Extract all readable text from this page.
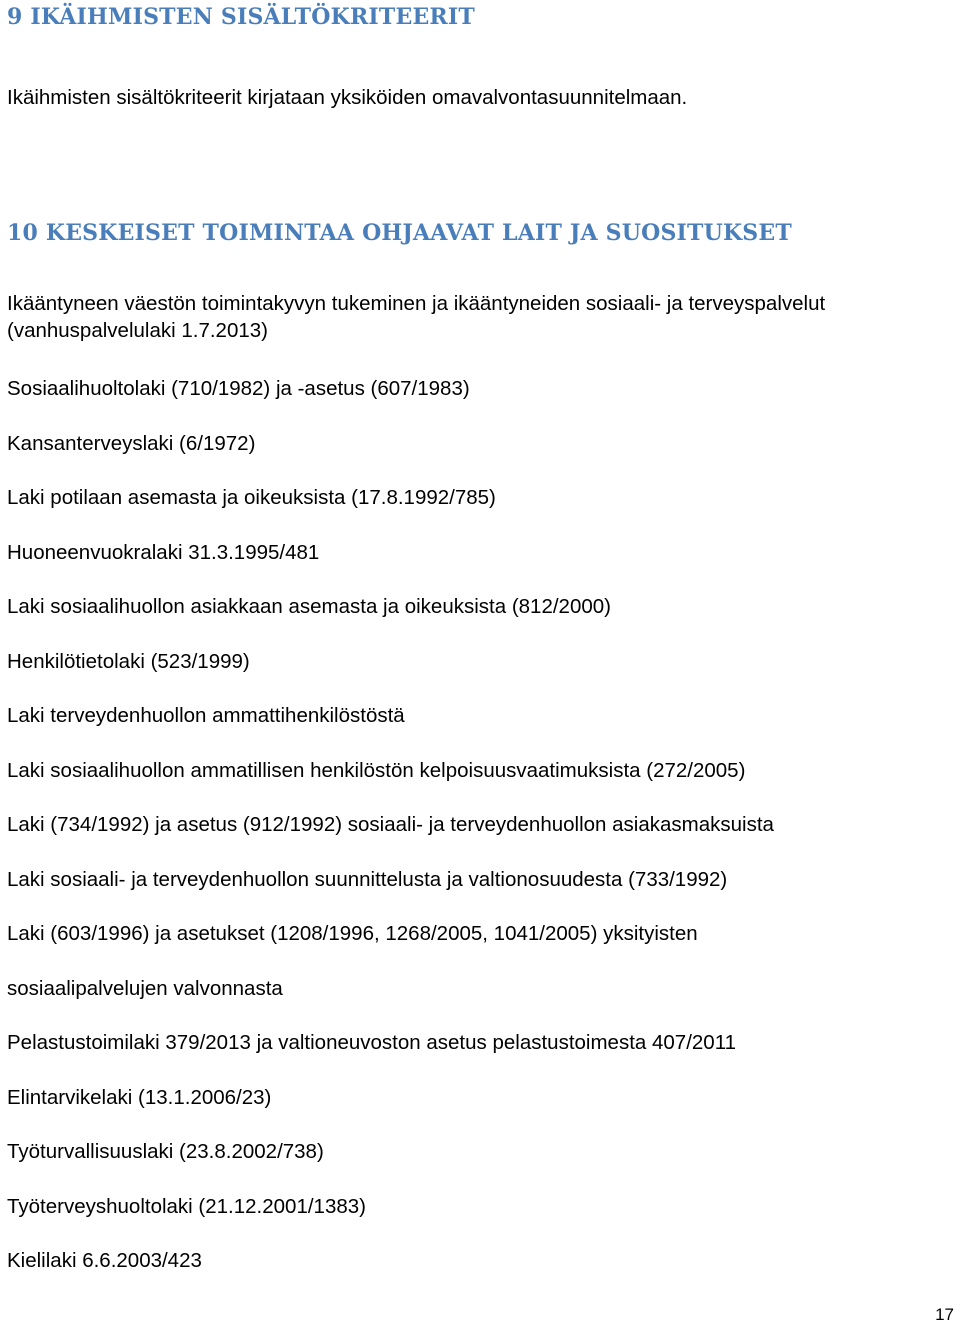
9 IKÄIHMISTEN SISÄLTÖKRITEERIT

Ikäihmisten sisältökriteerit kirjataan yksiköiden omavalvontasuunnitelmaan.

10 KESKEISET TOIMINTAA OHJAAVAT LAIT JA SUOSITUKSET

Ikääntyneen väestön toimintakyvyn tukeminen ja ikääntyneiden sosiaali- ja terveyspalvelut
(vanhuspalvelulaki 1.7.2013)

Sosiaalihuoltolaki (710/1982) ja -asetus (607/1983)
Kansanterveyslaki (6/1972)
Laki potilaan asemasta ja oikeuksista (17.8.1992/785)
Huoneenvuokralaki 31.3.1995/481
Laki sosiaalihuollon asiakkaan asemasta ja oikeuksista (812/2000)
Henkilötietolaki (523/1999)
Laki terveydenhuollon ammattihenkilöstöstä
Laki sosiaalihuollon ammatillisen henkilöstön kelpoisuusvaatimuksista (272/2005)
Laki (734/1992) ja asetus (912/1992) sosiaali- ja terveydenhuollon asiakasmaksuista
Laki sosiaali- ja terveydenhuollon suunnittelusta ja valtionosuudesta (733/1992)
Laki (603/1996) ja asetukset (1208/1996, 1268/2005, 1041/2005) yksityisten
sosiaalipalvelujen valvonnasta
Pelastustoimilaki 379/2013 ja valtioneuvoston asetus pelastustoimesta 407/2011
Elintarvikelaki (13.1.2006/23)
Työturvallisuuslaki (23.8.2002/738)
Työterveyshuoltolaki (21.12.2001/1383)
Kielilaki 6.6.2003/423

17
